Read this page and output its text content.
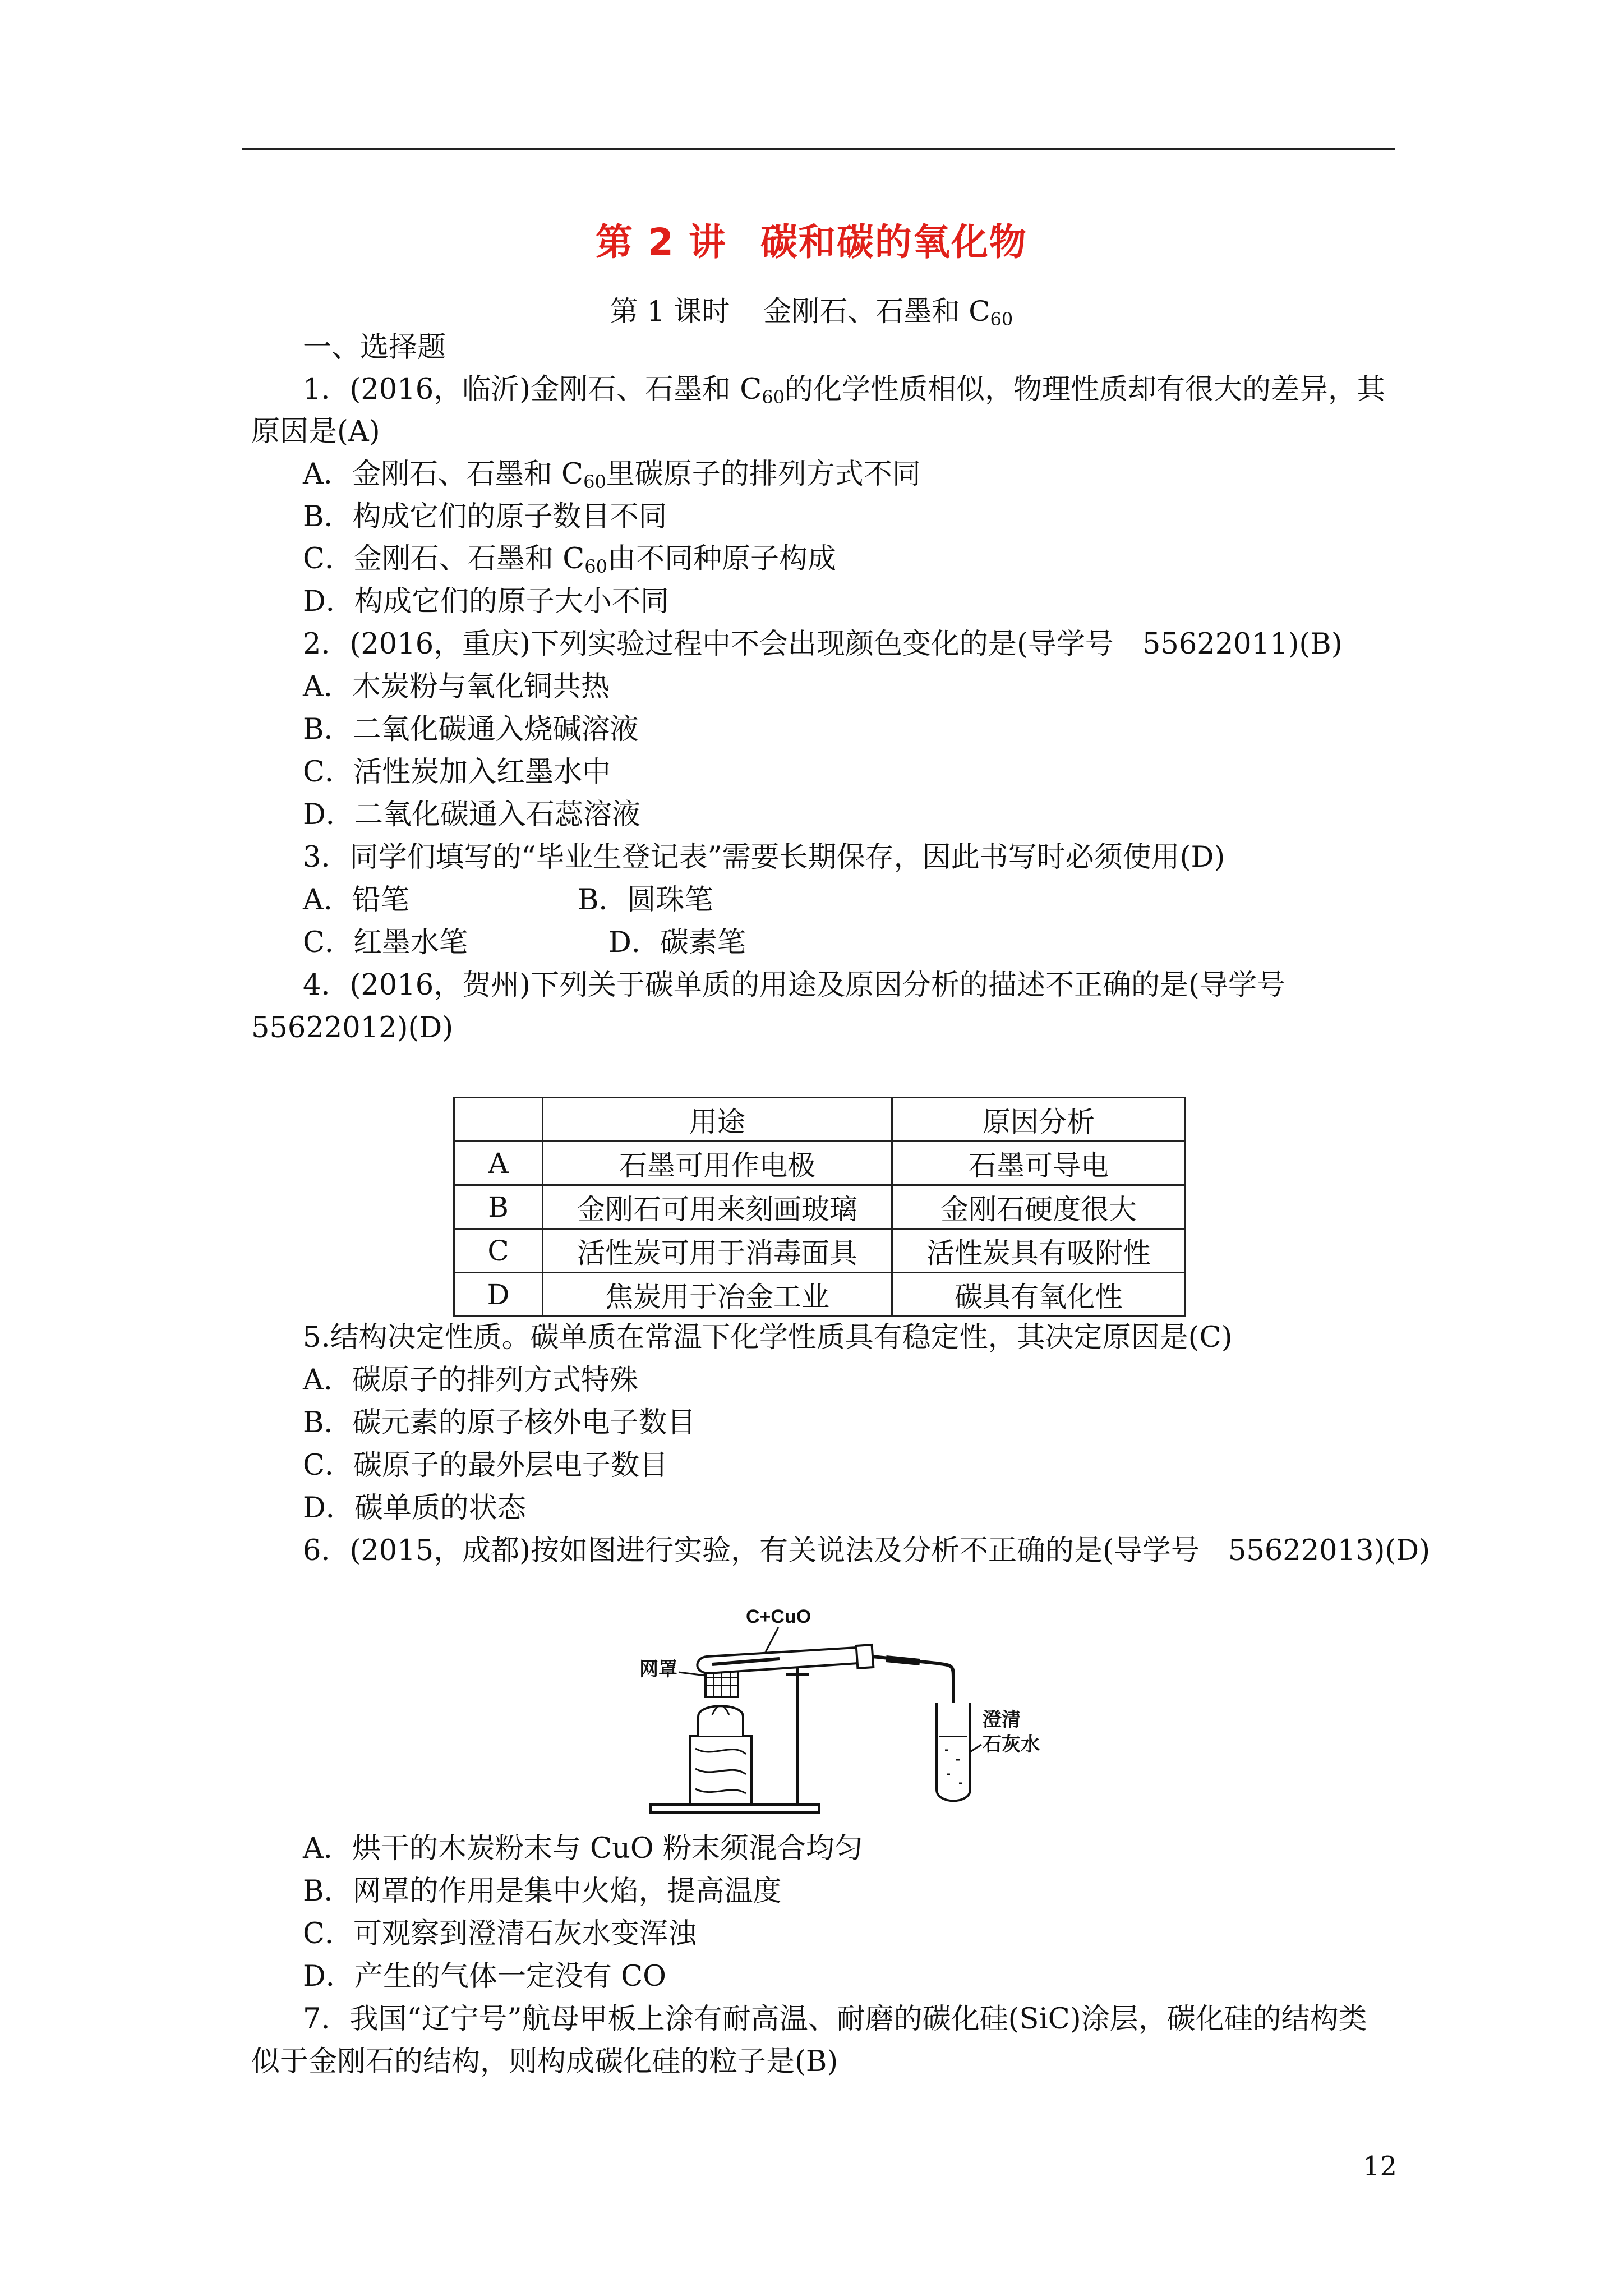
第 2 讲 碳和碳的氧化物
第 1 课时 金刚石、石墨和 $C_{60}$
一、选择题
1．(2016，临沂)金刚石、石墨和 $C_{60}$的化学性质相似，物理性质却有很大的差异，其
原因是(A)
A．金刚石、石墨和 $C_{60}$里碳原子的排列方式不同
B．构成它们的原子数目不同
C．金刚石、石墨和 $C_{60}$由不同种原子构成
D．构成它们的原子大小不同
2．(2016，重庆)下列实验过程中不会出现颜色变化的是(导学号　55622011)(B)
A．木炭粉与氧化铜共热
B．二氧化碳通入烧碱溶液
C．活性炭加入红墨水中
D．二氧化碳通入石蕊溶液
3．同学们填写的“毕业生登记表”需要长期保存，因此书写时必须使用(D)
A．铅笔	B．圆珠笔
C．红墨水笔	D．碳素笔
4．(2016，贺州)下列关于碳单质的用途及原因分析的描述不正确的是(导学号
55622012)(D)
	用途	原因分析
A	石墨可用作电极	石墨可导电
B	金刚石可用来刻画玻璃	金刚石硬度很大
C	活性炭可用于消毒面具	活性炭具有吸附性
D	焦炭用于冶金工业	碳具有氧化性
5.结构决定性质。碳单质在常温下化学性质具有稳定性，其决定原因是(C)
A．碳原子的排列方式特殊
B．碳元素的原子核外电子数目
C．碳原子的最外层电子数目
D．碳单质的状态
6．(2015，成都)按如图进行实验，有关说法及分析不正确的是(导学号　55622013)(D)
C+CuO
网罩
澄清
石灰水
A．烘干的木炭粉末与 CuO 粉末须混合均匀
B．网罩的作用是集中火焰，提高温度
C．可观察到澄清石灰水变浑浊
D．产生的气体一定没有 CO
7．我国“辽宁号”航母甲板上涂有耐高温、耐磨的碳化硅(SiC)涂层，碳化硅的结构类
似于金刚石的结构，则构成碳化硅的粒子是(B)
12
